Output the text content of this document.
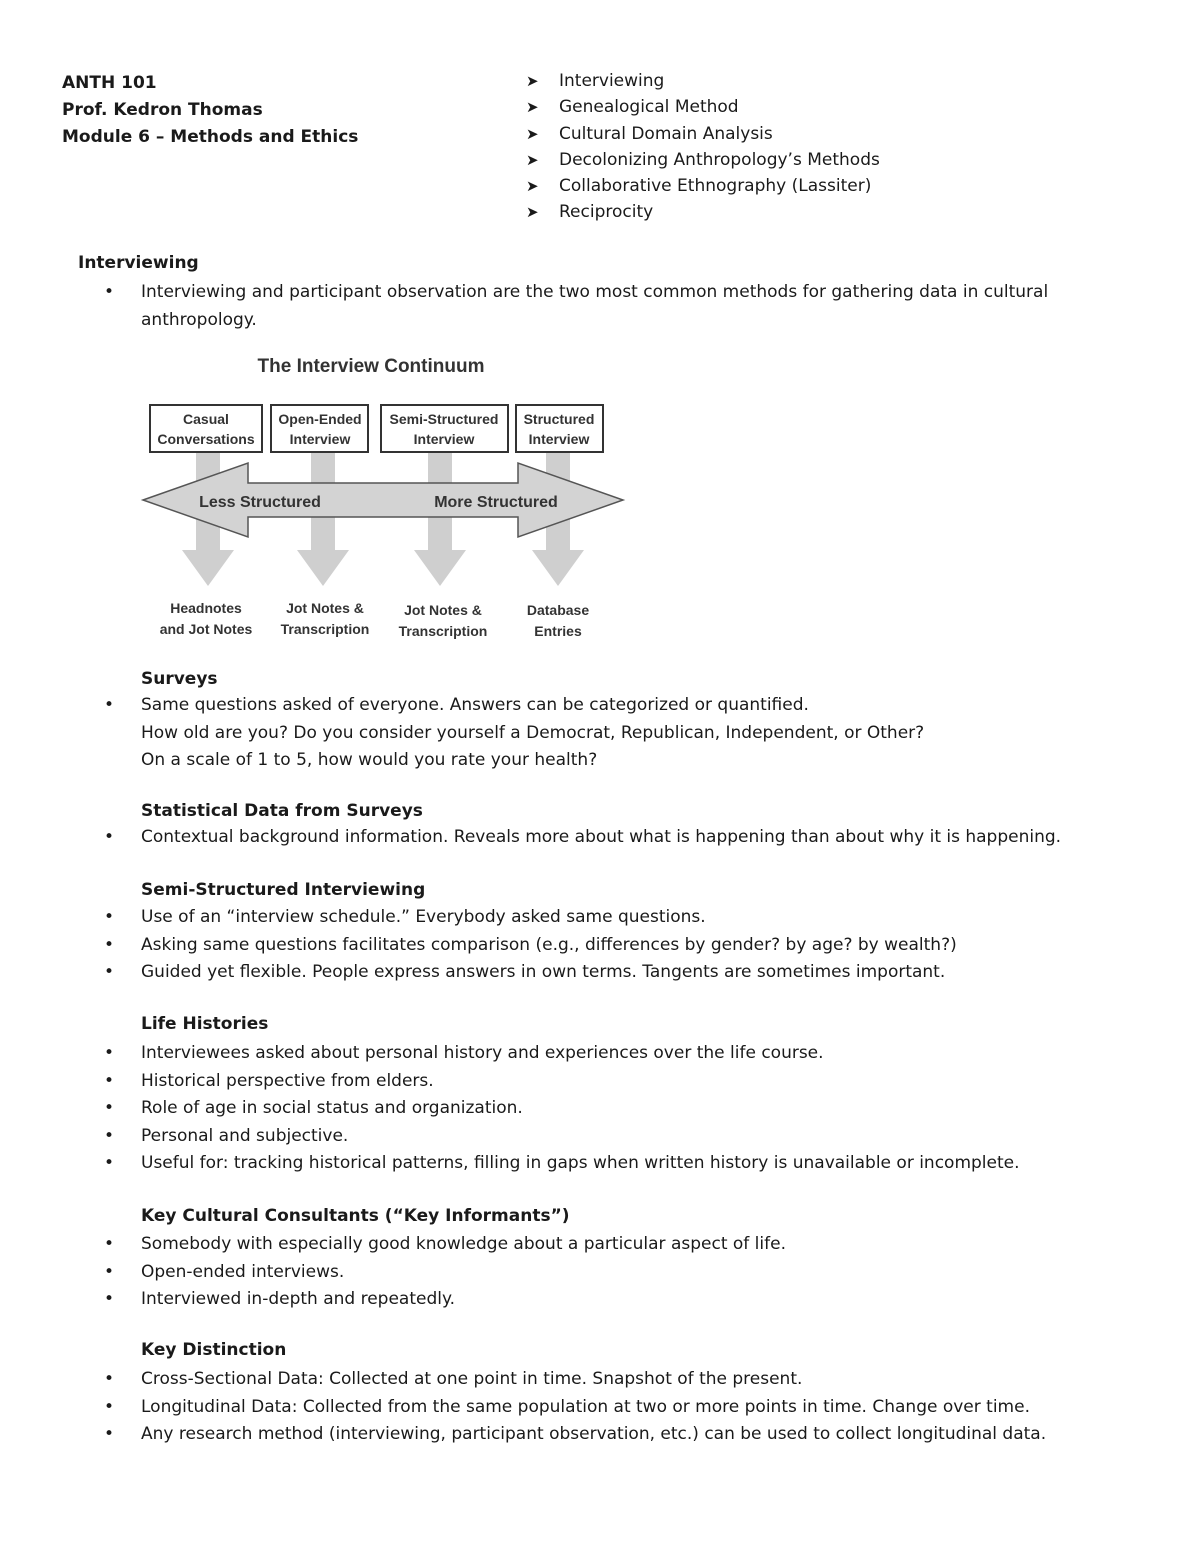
ANTH 101
Prof. Kedron Thomas
Module 6 – Methods and Ethics
➤	Interviewing
➤	Genealogical Method
➤	Cultural Domain Analysis
➤	Decolonizing Anthropology’s Methods
➤	Collaborative Ethnography (Lassiter)
➤	Reciprocity
Interviewing
•	Interviewing and participant observation are the two most common methods for gathering data in cultural anthropology.
The Interview Continuum
Less Structured	More Structured
Casual
Conversations
Open-Ended
Interview
Semi-Structured
Interview
Structured
Interview
Headnotes
and Jot Notes
Jot Notes &
Transcription
Jot Notes &
Transcription
Database
Entries
Surveys
•	Same questions asked of everyone. Answers can be categorized or quantified.
How old are you? Do you consider yourself a Democrat, Republican, Independent, or Other?
On a scale of 1 to 5, how would you rate your health?
Statistical Data from Surveys
•	Contextual background information. Reveals more about what is happening than about why it is happening.
Semi-Structured Interviewing
•	Use of an “interview schedule.” Everybody asked same questions.
•	Asking same questions facilitates comparison (e.g., differences by gender? by age? by wealth?)
•	Guided yet flexible. People express answers in own terms. Tangents are sometimes important.
Life Histories
•	Interviewees asked about personal history and experiences over the life course.
•	Historical perspective from elders.
•	Role of age in social status and organization.
•	Personal and subjective.
•	Useful for: tracking historical patterns, filling in gaps when written history is unavailable or incomplete.
Key Cultural Consultants (“Key Informants”)
•	Somebody with especially good knowledge about a particular aspect of life.
•	Open-ended interviews.
•	Interviewed in-depth and repeatedly.
Key Distinction
•	Cross-Sectional Data: Collected at one point in time. Snapshot of the present.
•	Longitudinal Data: Collected from the same population at two or more points in time. Change over time.
•	Any research method (interviewing, participant observation, etc.) can be used to collect longitudinal data.
